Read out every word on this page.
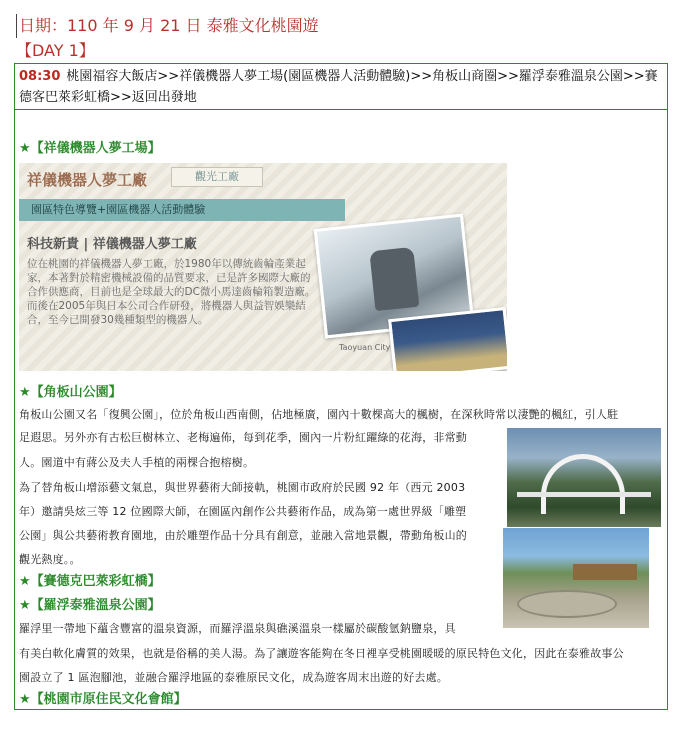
日期：110 年 9 月 21 日 泰雅文化桃園遊
【DAY 1】
08:30 桃園福容大飯店>>祥儀機器人夢工場(園區機器人活動體驗)>>角板山商圈>>羅浮泰雅溫泉公園>>賽德客巴萊彩虹橋>>返回出發地
★【祥儀機器人夢工場】
祥儀機器人夢工廠	觀光工廠
園區特色導覽+園區機器人活動體驗
科技新貴 | 祥儀機器人夢工廠
位在桃園的祥儀機器人夢工廠，於1980年以傳統齒輪產業起家，本著對於精密機械設備的品質要求，已是許多國際大廠的合作供應商，目前也是全球最大的DC微小馬達齒輪箱製造廠。而後在2005年與日本公司合作研發，將機器人與益智娛樂結合，至今已開發30幾種類型的機器人。
Taoyuan City
★【角板山公園】
角板山公園又名「復興公園」，位於角板山西南側，佔地極廣，園內十數棵高大的楓樹，在深秋時常以淒艷的楓紅，引人駐
足遐思。另外亦有古松巨樹林立、老梅遍佈，每到花季，園內一片粉紅躍綠的花海，非常動
人。園道中有蔣公及夫人手植的兩棵合抱榕樹。
為了替角板山增添藝文氣息，與世界藝術大師接軌，桃園市政府於民國 92 年（西元 2003
年）邀請吳炫三等 12 位國際大師，在園區內創作公共藝術作品，成為第一處世界級「雕塑
公園」與公共藝術教育園地，由於雕塑作品十分具有創意，並融入當地景觀，帶動角板山的
觀光熱度。。
★【賽德克巴萊彩虹橋】
★【羅浮泰雅溫泉公園】
羅浮里一帶地下蘊含豐富的溫泉資源，而羅浮溫泉與礁溪溫泉一樣屬於碳酸氫鈉鹽泉，具
有美白軟化膚質的效果，也就是俗稱的美人湯。為了讓遊客能夠在冬日裡享受桃園暖暖的原民特色文化，因此在泰雅故事公
園設立了 1 區泡腳池，並融合羅浮地區的泰雅原民文化，成為遊客周末出遊的好去處。
★【桃園市原住民文化會館】
